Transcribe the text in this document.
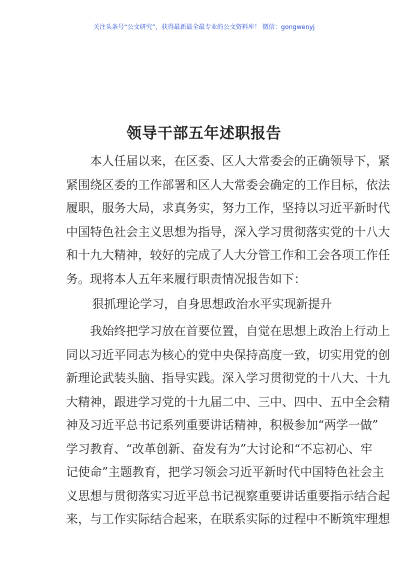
关注头条号“公文研究”，获得最新最全最专业的公文资料库！ 微信：gongwenyj
领导干部五年述职报告
本人任届以来，在区委、区人大常委会的正确领导下，紧
紧围绕区委的工作部署和区人大常委会确定的工作目标，依法
履职，服务大局，求真务实，努力工作，坚持以习近平新时代
中国特色社会主义思想为指导，深入学习贯彻落实党的十八大
和十九大精神，较好的完成了人大分管工作和工会各项工作任
务。现将本人五年来履行职责情况报告如下：
狠抓理论学习，自身思想政治水平实现新提升
我始终把学习放在首要位置，自觉在思想上政治上行动上
同以习近平同志为核心的党中央保持高度一致，切实用党的创
新理论武装头脑、指导实践。深入学习贯彻党的十八大、十九
大精神，跟进学习党的十九届二中、三中、四中、五中全会精
神及习近平总书记系列重要讲话精神，积极参加“两学一做”
学习教育、“改革创新、奋发有为”大讨论和“不忘初心、牢
记使命”主题教育，把学习领会习近平新时代中国特色社会主
义思想与贯彻落实习近平总书记视察重要讲话重要指示结合起
来，与工作实际结合起来，在联系实际的过程中不断筑牢理想
